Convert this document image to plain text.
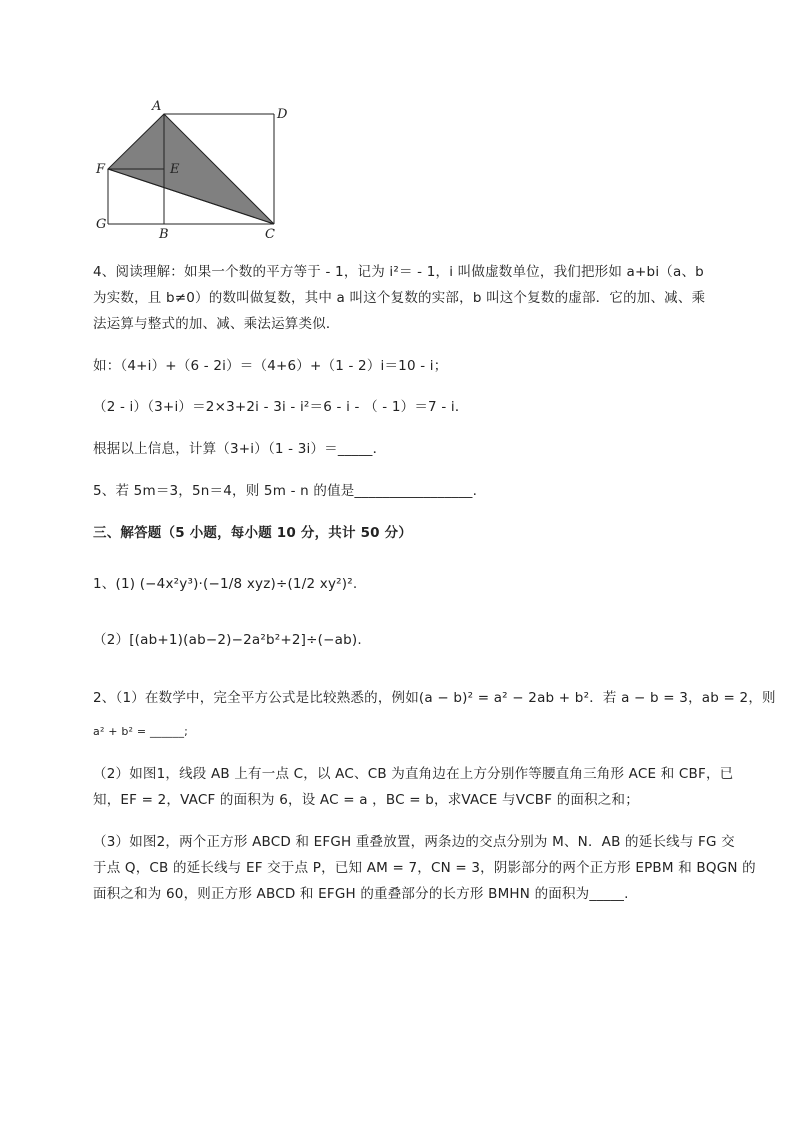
A
D
F	E
G
B	C
4、阅读理解：如果一个数的平方等于 - 1，记为 i²＝ - 1，i 叫做虚数单位，我们把形如 a+bi（a、b
为实数，且 b≠0）的数叫做复数，其中 a 叫这个复数的实部，b 叫这个复数的虚部．它的加、减、乘
法运算与整式的加、减、乘法运算类似．
如：（4+i）+（6 - 2i）＝（4+6）+（1 - 2）i＝10 - i；
（2 - i）（3+i）＝2×3+2i - 3i - i²＝6 - i - （ - 1）＝7 - i．
根据以上信息，计算（3+i）（1 - 3i）＝_____．
5、若 5m＝3，5n＝4，则 5m - n 的值是_________________.
三、解答题（5 小题，每小题 10 分，共计 50 分）
1、(1) (−4x²y³)·(−1/8 xyz)÷(1/2 xy²)².
（2）[(ab+1)(ab−2)−2a²b²+2]÷(−ab).
2、（1）在数学中，完全平方公式是比较熟悉的，例如(a − b)² = a² − 2ab + b²．若 a − b = 3，ab = 2，则
a² + b² = ______;
（2）如图1，线段 AB 上有一点 C，以 AC、CB 为直角边在上方分别作等腰直角三角形 ACE 和 CBF，已
知，EF = 2，VACF 的面积为 6，设 AC = a ，BC = b，求VACE 与VCBF 的面积之和；
（3）如图2，两个正方形 ABCD 和 EFGH 重叠放置，两条边的交点分别为 M、N．AB 的延长线与 FG 交
于点 Q，CB 的延长线与 EF 交于点 P，已知 AM = 7，CN = 3，阴影部分的两个正方形 EPBM 和 BQGN 的
面积之和为 60，则正方形 ABCD 和 EFGH 的重叠部分的长方形 BMHN 的面积为_____.
